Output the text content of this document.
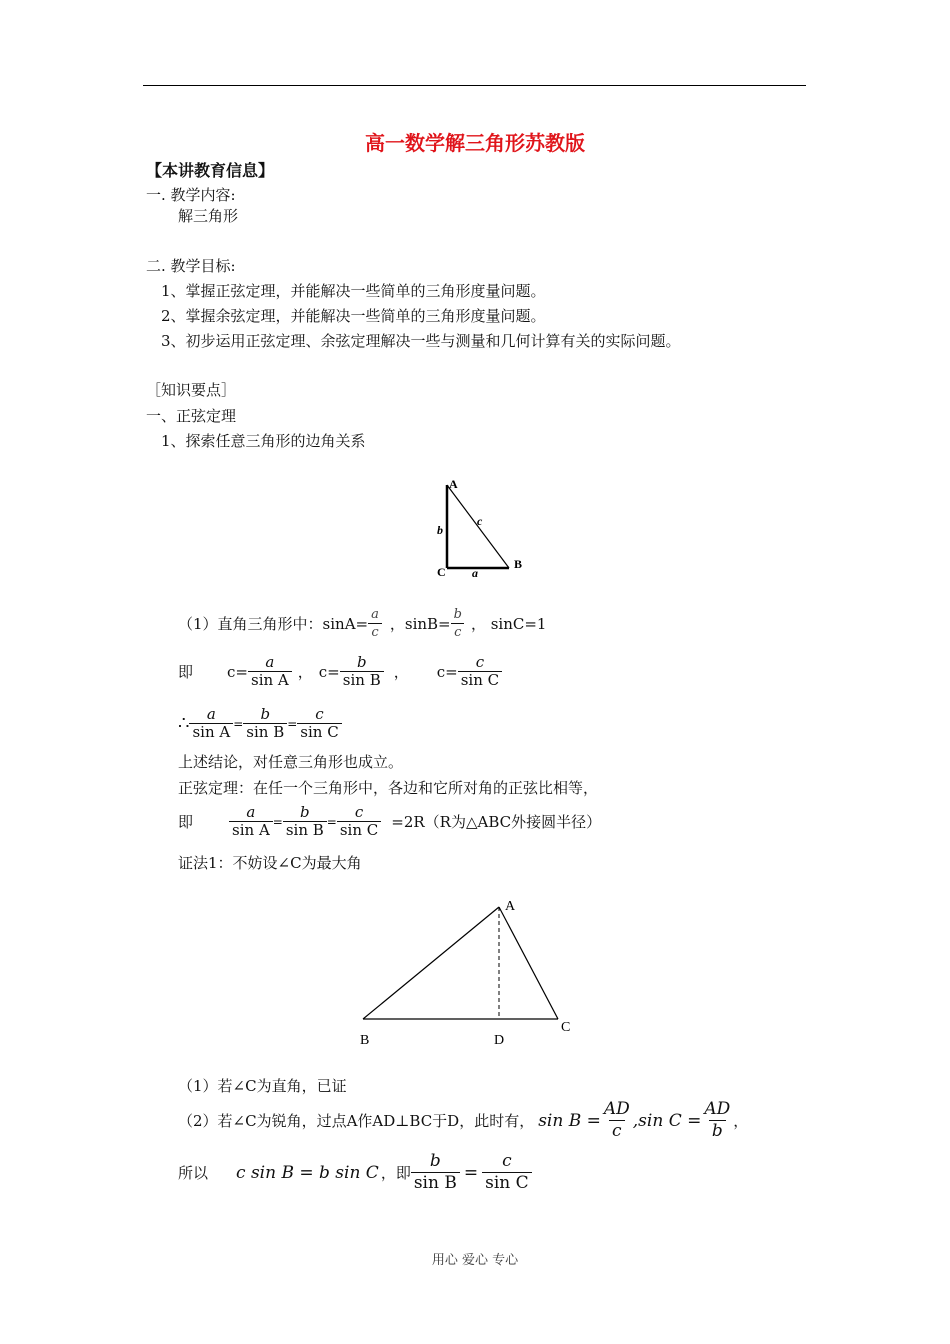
高一数学解三角形苏教版
【本讲教育信息】
一. 教学内容:
解三角形
二. 教学目标:
1、掌握正弦定理，并能解决一些简单的三角形度量问题。
2、掌握余弦定理，并能解决一些简单的三角形度量问题。
3、初步运用正弦定理、余弦定理解决一些与测量和几何计算有关的实际问题。
［知识要点］
一、正弦定理
1、探索任意三角形的边角关系
A
B
C
b
c
a
（1）直角三角形中：$\sin A= \frac{a}{c}$ ，$\sin B= \frac{b}{c}$ ， sinC=1
即 $c= \frac{a}{\text{sin A}}$ ， $c= \frac{b}{\text{sin B}}$ ， $c= \frac{c}{\text{sin C}}$
∴ $\frac{a}{\text{sin A}} = \frac{b}{\text{sin B}} = \frac{c}{\text{sin C}}$
上述结论，对任意三角形也成立。
正弦定理：在任一个三角形中，各边和它所对角的正弦比相等，
即 $\frac{a}{\text{sin A}} = \frac{b}{\text{sin B}} = \frac{c}{\text{sin C}} =2R(R$为△ABC外接圆半径）
证法1：不妨设∠C为最大角
A
B
C
D
（1）若∠C为直角，已证
（2）若∠C为锐角，过点A作AD⊥BC于D，此时有， $\sin B = \frac{AD}{c} ,\sin$ $C = \frac{AD}{b}$ ，
所以 c sin B = b sin C ，即 $\frac{b}{\text{sin B}} = \frac{c}{\text{sin C}}$
用心 爱心 专心
